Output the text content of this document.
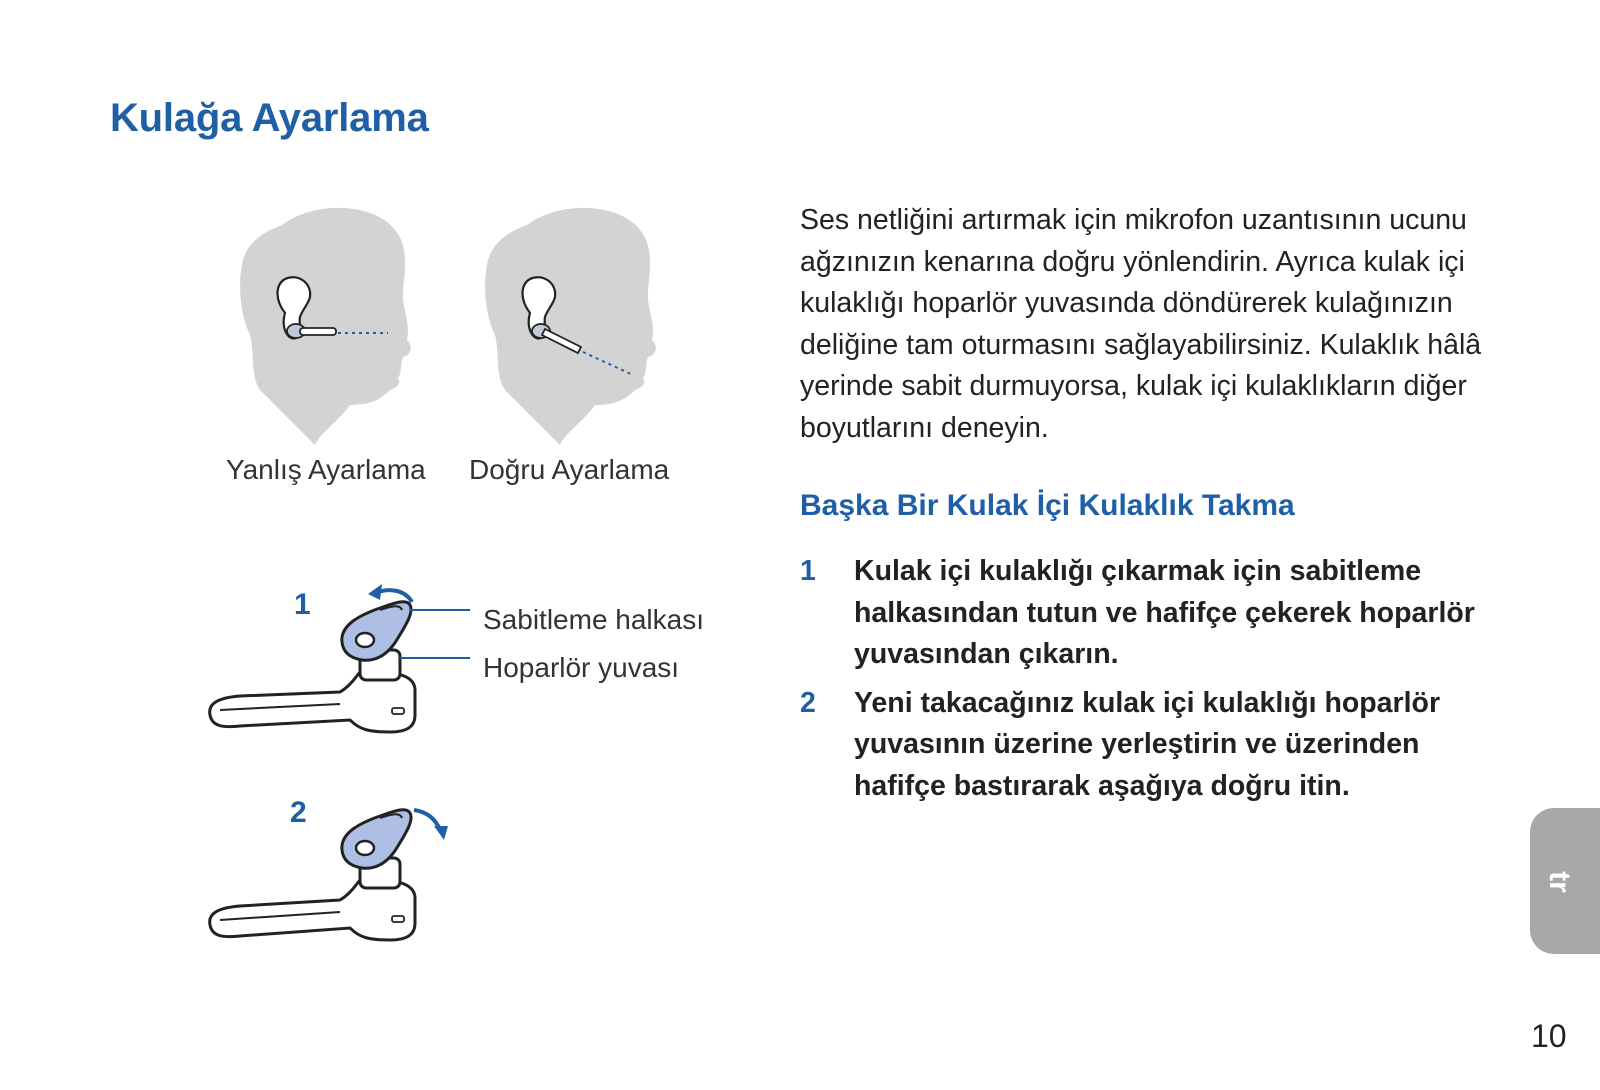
Kulağa Ayarlama
Yanlış Ayarlama Doğru Ayarlama
1	Sabitleme halkası
Hoparlör yuvası
2

Ses netliğini artırmak için mikrofon uzantısının ucunu ağzınızın kenarına doğru yönlendirin. Ayrıca kulak içi kulaklığı hoparlör yuvasında döndürerek kulağınızın deliğine tam oturmasını sağlayabilirsiniz. Kulaklık hâlâ yerinde sabit durmuyorsa, kulak içi kulaklıkların diğer boyutlarını deneyin.

Başka Bir Kulak İçi Kulaklık Takma
1 Kulak içi kulaklığı çıkarmak için sabitleme halkasından tutun ve hafifçe çekerek hoparlör yuvasından çıkarın.
2 Yeni takacağınız kulak içi kulaklığı hoparlör yuvasının üzerine yerleştirin ve üzerinden hafifçe bastırarak aşağıya doğru itin.
tr
10
